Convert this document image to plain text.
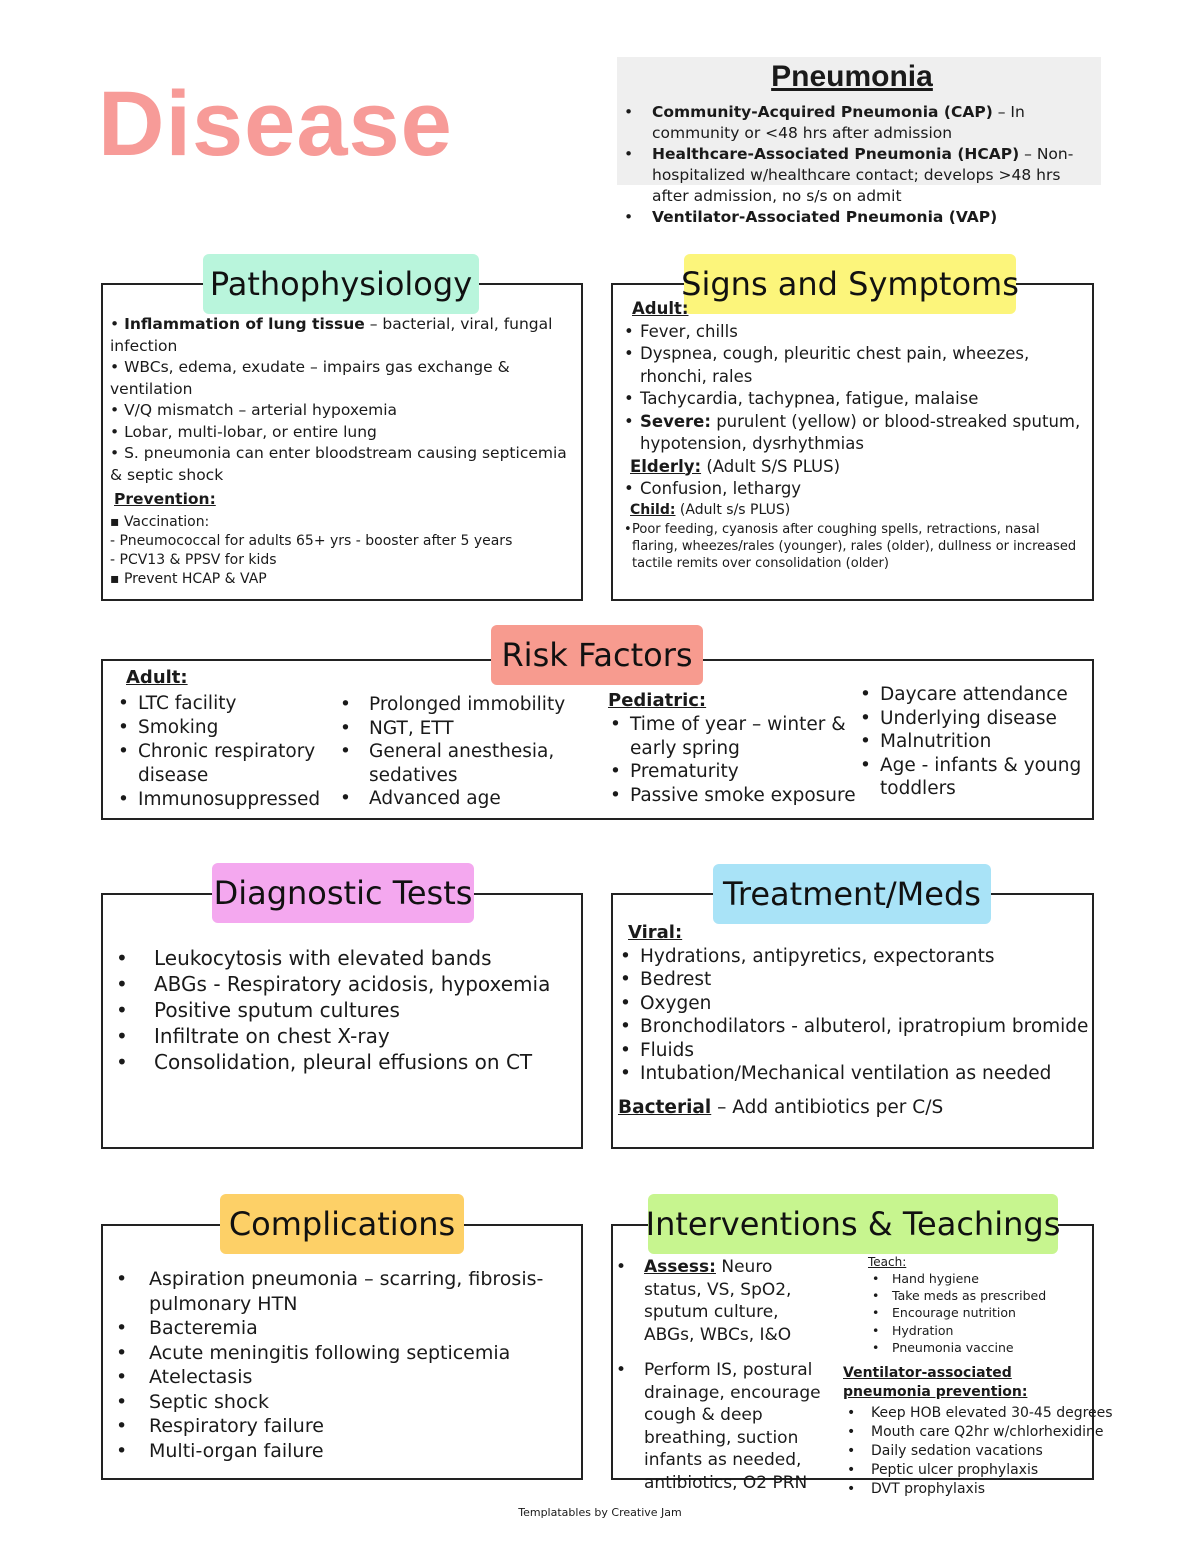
Disease	Pneumonia
• Community-Acquired Pneumonia (CAP) – In community or <48 hrs after admission
• Healthcare-Associated Pneumonia (HCAP) – Non-hospitalized w/healthcare contact; develops >48 hrs after admission, no s/s on admit
• Ventilator-Associated Pneumonia (VAP)
Pathophysiology

• Inflammation of lung tissue – bacterial, viral, fungal infection

• WBCs, edema, exudate – impairs gas exchange & ventilation

• V/Q mismatch – arterial hypoxemia

• Lobar, multi-lobar, or entire lung

• S. pneumonia can enter bloodstream causing septicemia & septic shock

Prevention:

▪ Vaccination:

- Pneumococcal for adults 65+ yrs - booster after 5 years

- PCV13 & PPSV for kids

▪ Prevent HCAP & VAP

Signs and Symptoms

Adult:

• Fever, chills
• Dyspnea, cough, pleuritic chest pain, wheezes, rhonchi, rales
• Tachycardia, tachypnea, fatigue, malaise
• Severe: purulent (yellow) or blood-streaked sputum, hypotension, dysrhythmias

Elderly: (Adult S/S PLUS)

• Confusion, lethargy

Child: (Adult s/s PLUS)

• Poor feeding, cyanosis after coughing spells, retractions, nasal flaring, wheezes/rales (younger), rales (older), dullness or increased tactile remits over consolidation (older)
Risk Factors
Adult:
• LTC facility
• Smoking
• Chronic respiratory disease
• Immunosuppressed
• Prolonged immobility
• NGT, ETT
• General anesthesia, sedatives
• Advanced age
Pediatric:
• Time of year – winter & early spring
• Prematurity
• Passive smoke exposure
• Daycare attendance
• Underlying disease
• Malnutrition
• Age - infants & young toddlers
Diagnostic Tests
• Leukocytosis with elevated bands
• ABGs - Respiratory acidosis, hypoxemia
• Positive sputum cultures
• Infiltrate on chest X-ray
• Consolidation, pleural effusions on CT
Treatment/Meds
Viral:
• Hydrations, antipyretics, expectorants
• Bedrest
• Oxygen
• Bronchodilators - albuterol, ipratropium bromide
• Fluids
• Intubation/Mechanical ventilation as needed
Bacterial – Add antibiotics per C/S
Complications
• Aspiration pneumonia – scarring, fibrosis- pulmonary HTN
• Bacteremia
• Acute meningitis following septicemia
• Atelectasis
• Septic shock
• Respiratory failure
• Multi-organ failure
Interventions & Teachings
• Assess: Neuro status, VS, SpO2, sputum culture, ABGs, WBCs, I&O
• Perform IS, postural drainage, encourage cough & deep breathing, suction infants as needed, antibiotics, O2 PRN
Teach:
• Hand hygiene
• Take meds as prescribed
• Encourage nutrition
• Hydration
• Pneumonia vaccine
Ventilator-associated pneumonia prevention:
• Keep HOB elevated 30-45 degrees
• Mouth care Q2hr w/chlorhexidine
• Daily sedation vacations
• Peptic ulcer prophylaxis
• DVT prophylaxis
Templatables by Creative Jam
